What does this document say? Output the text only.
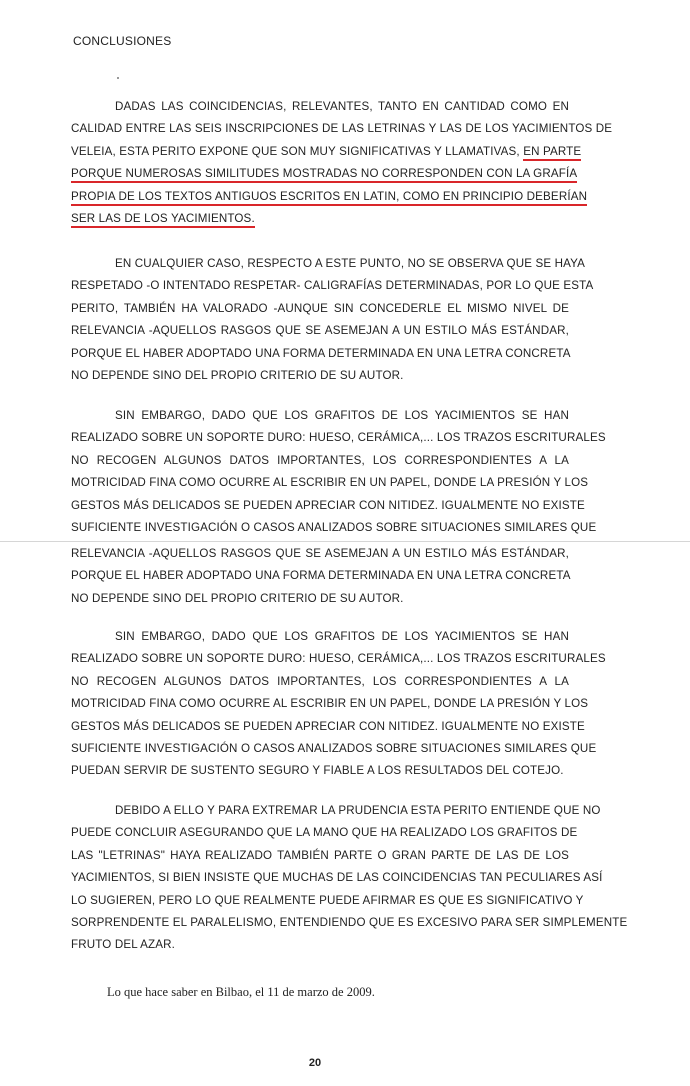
CONCLUSIONES
DADAS LAS COINCIDENCIAS, RELEVANTES, TANTO EN CANTIDAD COMO EN
CALIDAD ENTRE LAS SEIS INSCRIPCIONES DE LAS LETRINAS Y LAS DE LOS YACIMIENTOS DE
VELEIA, ESTA PERITO EXPONE QUE SON MUY SIGNIFICATIVAS Y LLAMATIVAS, EN PARTE
PORQUE NUMEROSAS SIMILITUDES MOSTRADAS NO CORRESPONDEN CON LA GRAFÍA
PROPIA DE LOS TEXTOS ANTIGUOS ESCRITOS EN LATIN, COMO EN PRINCIPIO DEBERÍAN
SER LAS DE LOS YACIMIENTOS.
EN CUALQUIER CASO, RESPECTO A ESTE PUNTO, NO SE OBSERVA QUE SE HAYA
RESPETADO -O INTENTADO RESPETAR- CALIGRAFÍAS DETERMINADAS, POR LO QUE ESTA
PERITO, TAMBIÉN HA VALORADO -AUNQUE SIN CONCEDERLE EL MISMO NIVEL DE
RELEVANCIA -AQUELLOS RASGOS QUE SE ASEMEJAN A UN ESTILO MÁS ESTÁNDAR,
PORQUE EL HABER ADOPTADO UNA FORMA DETERMINADA EN UNA LETRA CONCRETA
NO DEPENDE SINO DEL PROPIO CRITERIO DE SU AUTOR.
SIN EMBARGO, DADO QUE LOS GRAFITOS DE LOS YACIMIENTOS SE HAN
REALIZADO SOBRE UN SOPORTE DURO: HUESO, CERÁMICA,... LOS TRAZOS ESCRITURALES
NO RECOGEN ALGUNOS DATOS IMPORTANTES, LOS CORRESPONDIENTES A LA
MOTRICIDAD FINA COMO OCURRE AL ESCRIBIR EN UN PAPEL, DONDE LA PRESIÓN Y LOS
GESTOS MÁS DELICADOS SE PUEDEN APRECIAR CON NITIDEZ. IGUALMENTE NO EXISTE
SUFICIENTE INVESTIGACIÓN O CASOS ANALIZADOS SOBRE SITUACIONES SIMILARES QUE
RELEVANCIA -AQUELLOS RASGOS QUE SE ASEMEJAN A UN ESTILO MÁS ESTÁNDAR,
PORQUE EL HABER ADOPTADO UNA FORMA DETERMINADA EN UNA LETRA CONCRETA
NO DEPENDE SINO DEL PROPIO CRITERIO DE SU AUTOR.
SIN EMBARGO, DADO QUE LOS GRAFITOS DE LOS YACIMIENTOS SE HAN
REALIZADO SOBRE UN SOPORTE DURO: HUESO, CERÁMICA,... LOS TRAZOS ESCRITURALES
NO RECOGEN ALGUNOS DATOS IMPORTANTES, LOS CORRESPONDIENTES A LA
MOTRICIDAD FINA COMO OCURRE AL ESCRIBIR EN UN PAPEL, DONDE LA PRESIÓN Y LOS
GESTOS MÁS DELICADOS SE PUEDEN APRECIAR CON NITIDEZ. IGUALMENTE NO EXISTE
SUFICIENTE INVESTIGACIÓN O CASOS ANALIZADOS SOBRE SITUACIONES SIMILARES QUE
PUEDAN SERVIR DE SUSTENTO SEGURO Y FIABLE A LOS RESULTADOS DEL COTEJO.
DEBIDO A ELLO Y PARA EXTREMAR LA PRUDENCIA ESTA PERITO ENTIENDE QUE NO
PUEDE CONCLUIR ASEGURANDO QUE LA MANO QUE HA REALIZADO LOS GRAFITOS DE
LAS "LETRINAS" HAYA REALIZADO TAMBIÉN PARTE O GRAN PARTE DE LAS DE LOS
YACIMIENTOS, SI BIEN INSISTE QUE MUCHAS DE LAS COINCIDENCIAS TAN PECULIARES ASÍ
LO SUGIEREN, PERO LO QUE REALMENTE PUEDE AFIRMAR ES QUE ES SIGNIFICATIVO Y
SORPRENDENTE EL PARALELISMO, ENTENDIENDO QUE ES EXCESIVO PARA SER SIMPLEMENTE
FRUTO DEL AZAR.
Lo que hace saber en Bilbao, el 11 de marzo de 2009.
20
